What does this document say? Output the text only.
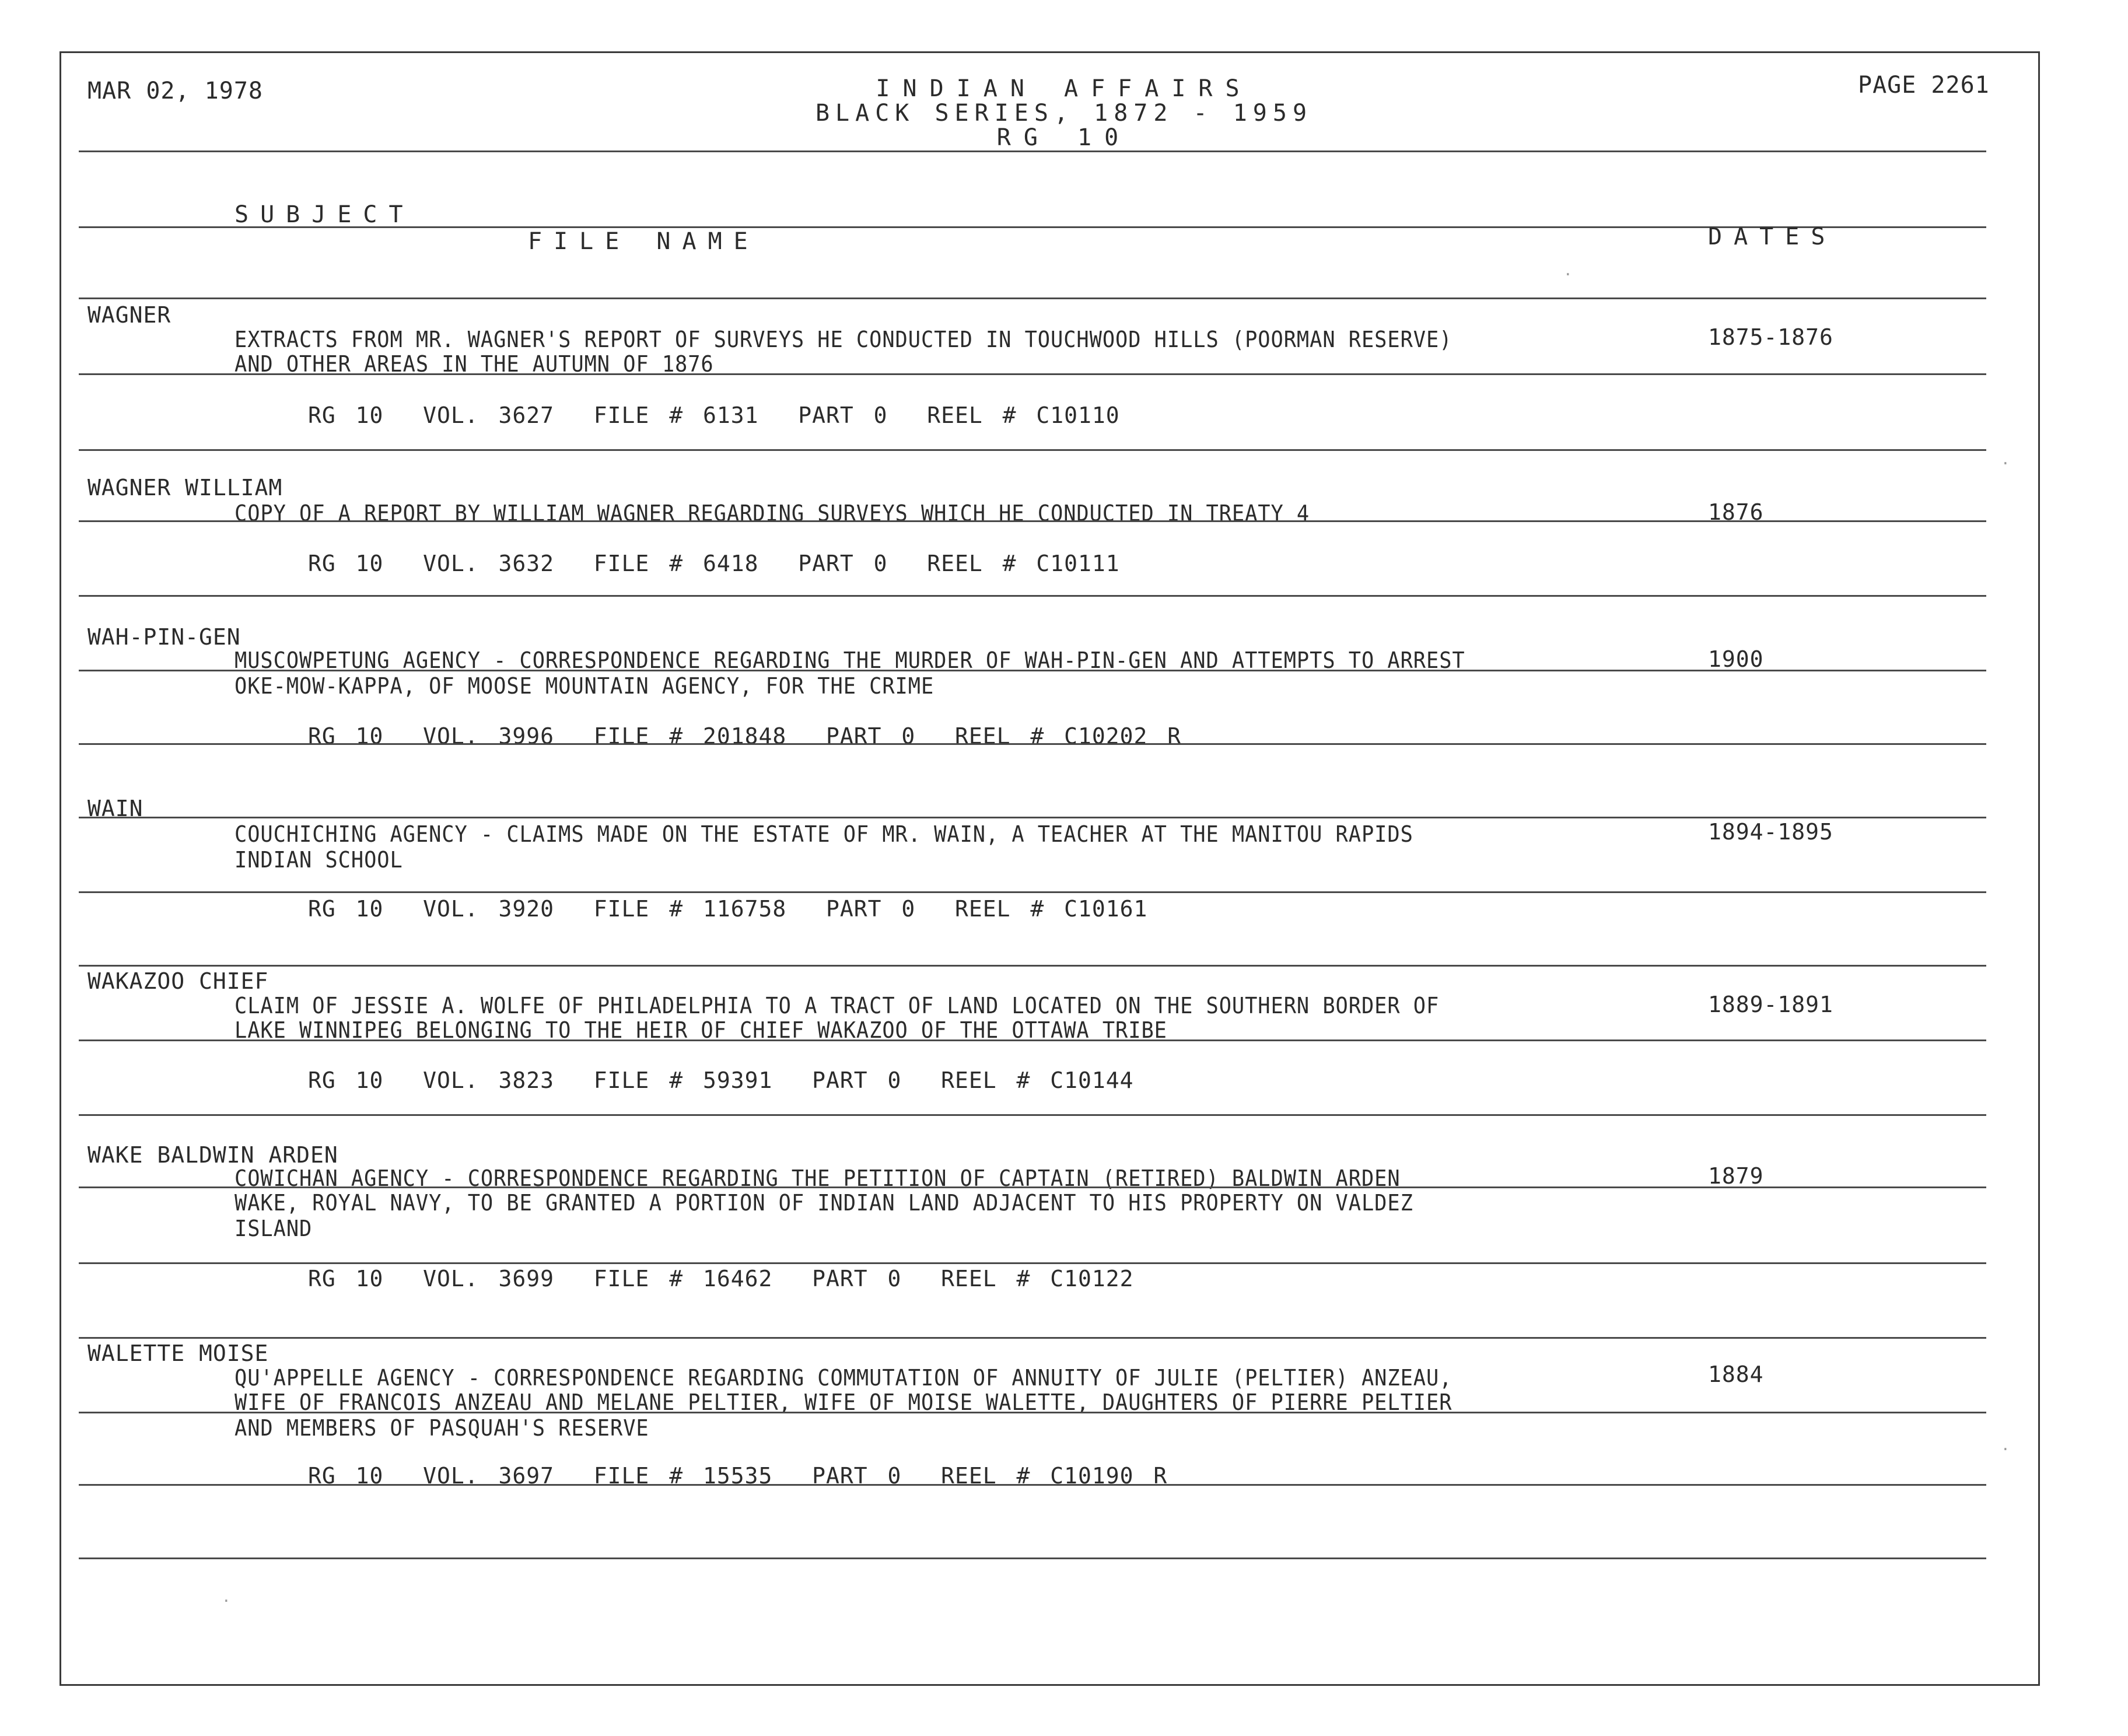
MAR 02, 1978	INDIAN AFFAIRS
BLACK SERIES, 1872 - 1959
RG 10
PAGE 2261
SUBJECT
FILE NAME	DATES
WAGNER
EXTRACTS FROM MR. WAGNER'S REPORT OF SURVEYS HE CONDUCTED IN TOUCHWOOD HILLS (POORMAN RESERVE)
AND OTHER AREAS IN THE AUTUMN OF 1876
1875-1876
RG 10  VOL. 3627  FILE # 6131  PART 0  REEL # C10110
WAGNER WILLIAM
COPY OF A REPORT BY WILLIAM WAGNER REGARDING SURVEYS WHICH HE CONDUCTED IN TREATY 4	1876
RG 10  VOL. 3632  FILE # 6418  PART 0  REEL # C10111
WAH-PIN-GEN
MUSCOWPETUNG AGENCY - CORRESPONDENCE REGARDING THE MURDER OF WAH-PIN-GEN AND ATTEMPTS TO ARREST
OKE-MOW-KAPPA, OF MOOSE MOUNTAIN AGENCY, FOR THE CRIME
1900
RG 10  VOL. 3996  FILE # 201848  PART 0  REEL # C10202 R
WAIN
COUCHICHING AGENCY - CLAIMS MADE ON THE ESTATE OF MR. WAIN, A TEACHER AT THE MANITOU RAPIDS
INDIAN SCHOOL
1894-1895
RG 10  VOL. 3920  FILE # 116758  PART 0  REEL # C10161
WAKAZOO CHIEF
CLAIM OF JESSIE A. WOLFE OF PHILADELPHIA TO A TRACT OF LAND LOCATED ON THE SOUTHERN BORDER OF
LAKE WINNIPEG BELONGING TO THE HEIR OF CHIEF WAKAZOO OF THE OTTAWA TRIBE
1889-1891
RG 10  VOL. 3823  FILE # 59391  PART 0  REEL # C10144
WAKE BALDWIN ARDEN
COWICHAN AGENCY - CORRESPONDENCE REGARDING THE PETITION OF CAPTAIN (RETIRED) BALDWIN ARDEN
WAKE, ROYAL NAVY, TO BE GRANTED A PORTION OF INDIAN LAND ADJACENT TO HIS PROPERTY ON VALDEZ
ISLAND
1879
RG 10  VOL. 3699  FILE # 16462  PART 0  REEL # C10122
WALETTE MOISE
QU'APPELLE AGENCY - CORRESPONDENCE REGARDING COMMUTATION OF ANNUITY OF JULIE (PELTIER) ANZEAU,
WIFE OF FRANCOIS ANZEAU AND MELANE PELTIER, WIFE OF MOISE WALETTE, DAUGHTERS OF PIERRE PELTIER
AND MEMBERS OF PASQUAH'S RESERVE
1884
RG 10  VOL. 3697  FILE # 15535  PART 0  REEL # C10190 R
·
·
·
·
